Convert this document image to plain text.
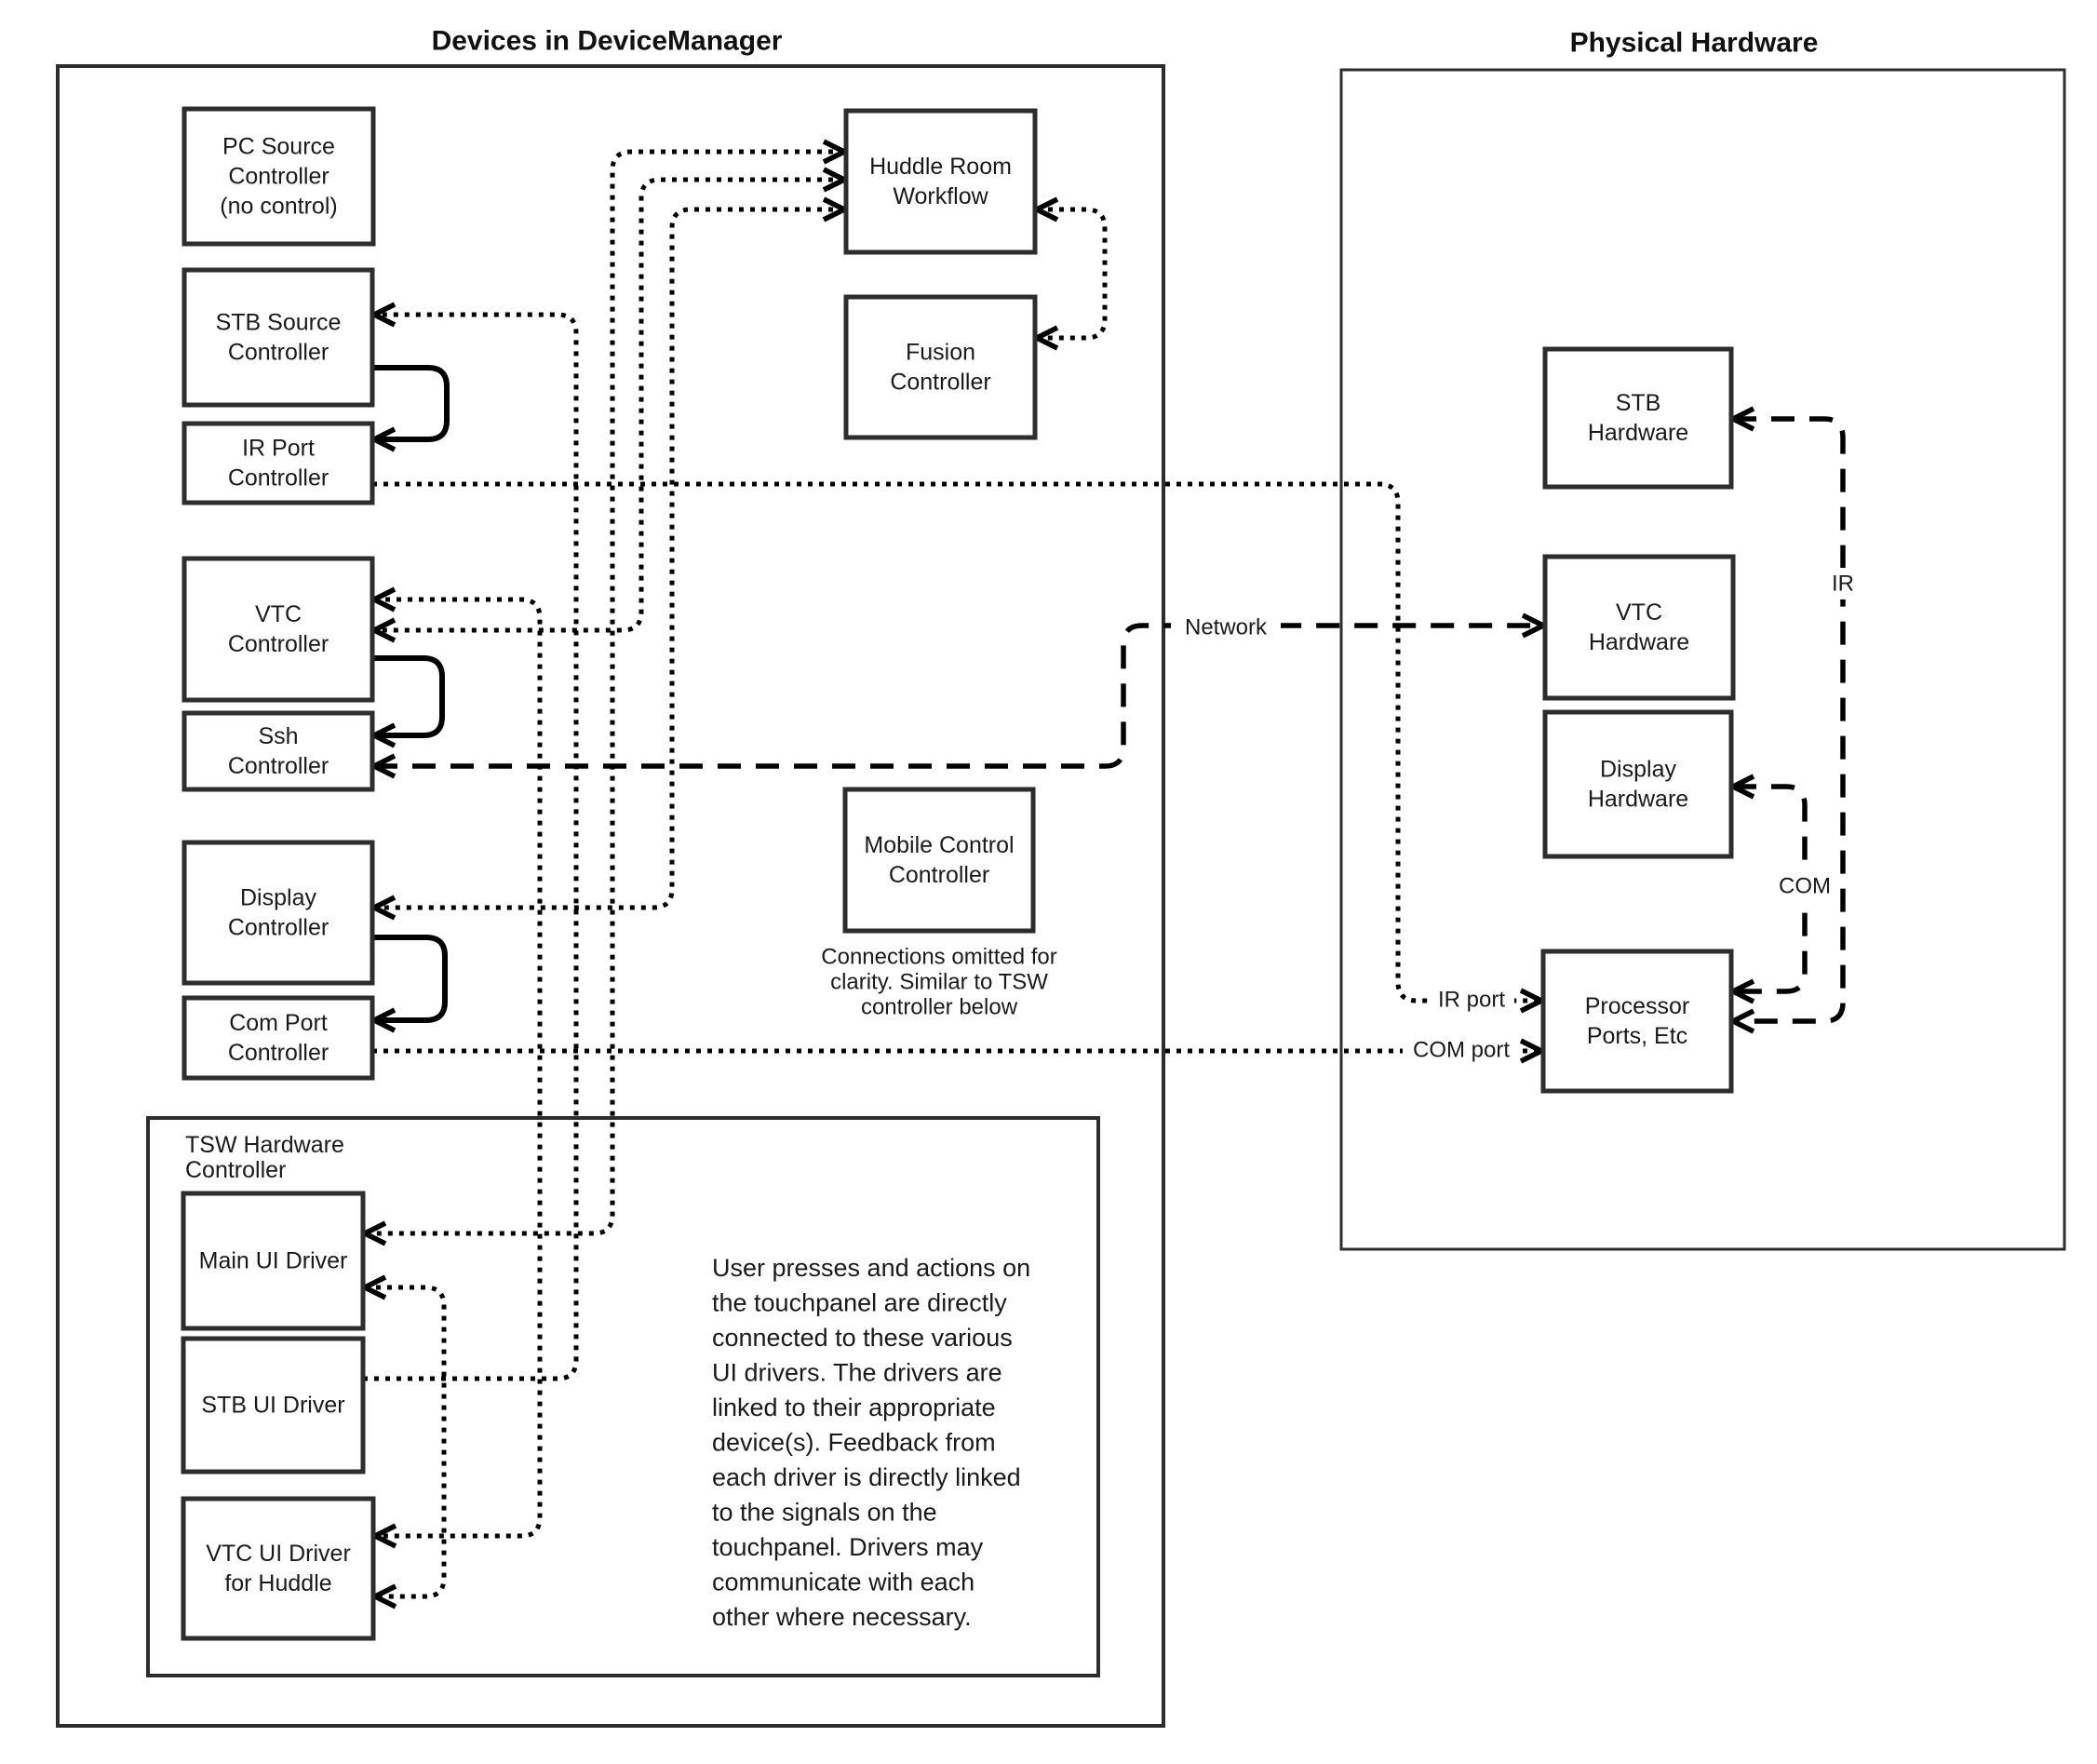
PC Source
Controller
(no control)
STB Source
Controller
IR Port
Controller
VTC
Controller
Ssh
Controller
Display
Controller
Com Port
Controller
Main UI Driver
STB UI Driver
VTC UI Driver
for Huddle
Huddle Room
Workflow
Fusion
Controller
Mobile Control
Controller
STB
Hardware
VTC
Hardware
Display
Hardware
Processor
Ports, Etc
Network
IR
COM
IR port
COM port
TSW Hardware
Controller
Connections omitted for
clarity. Similar to TSW
controller below
User presses and actions on
the touchpanel are directly
connected to these various
UI drivers. The drivers are
linked to their appropriate
device(s). Feedback from
each driver is directly linked
to the signals on the
touchpanel. Drivers may
communicate with each
other where necessary.
Devices in DeviceManager	Physical Hardware
